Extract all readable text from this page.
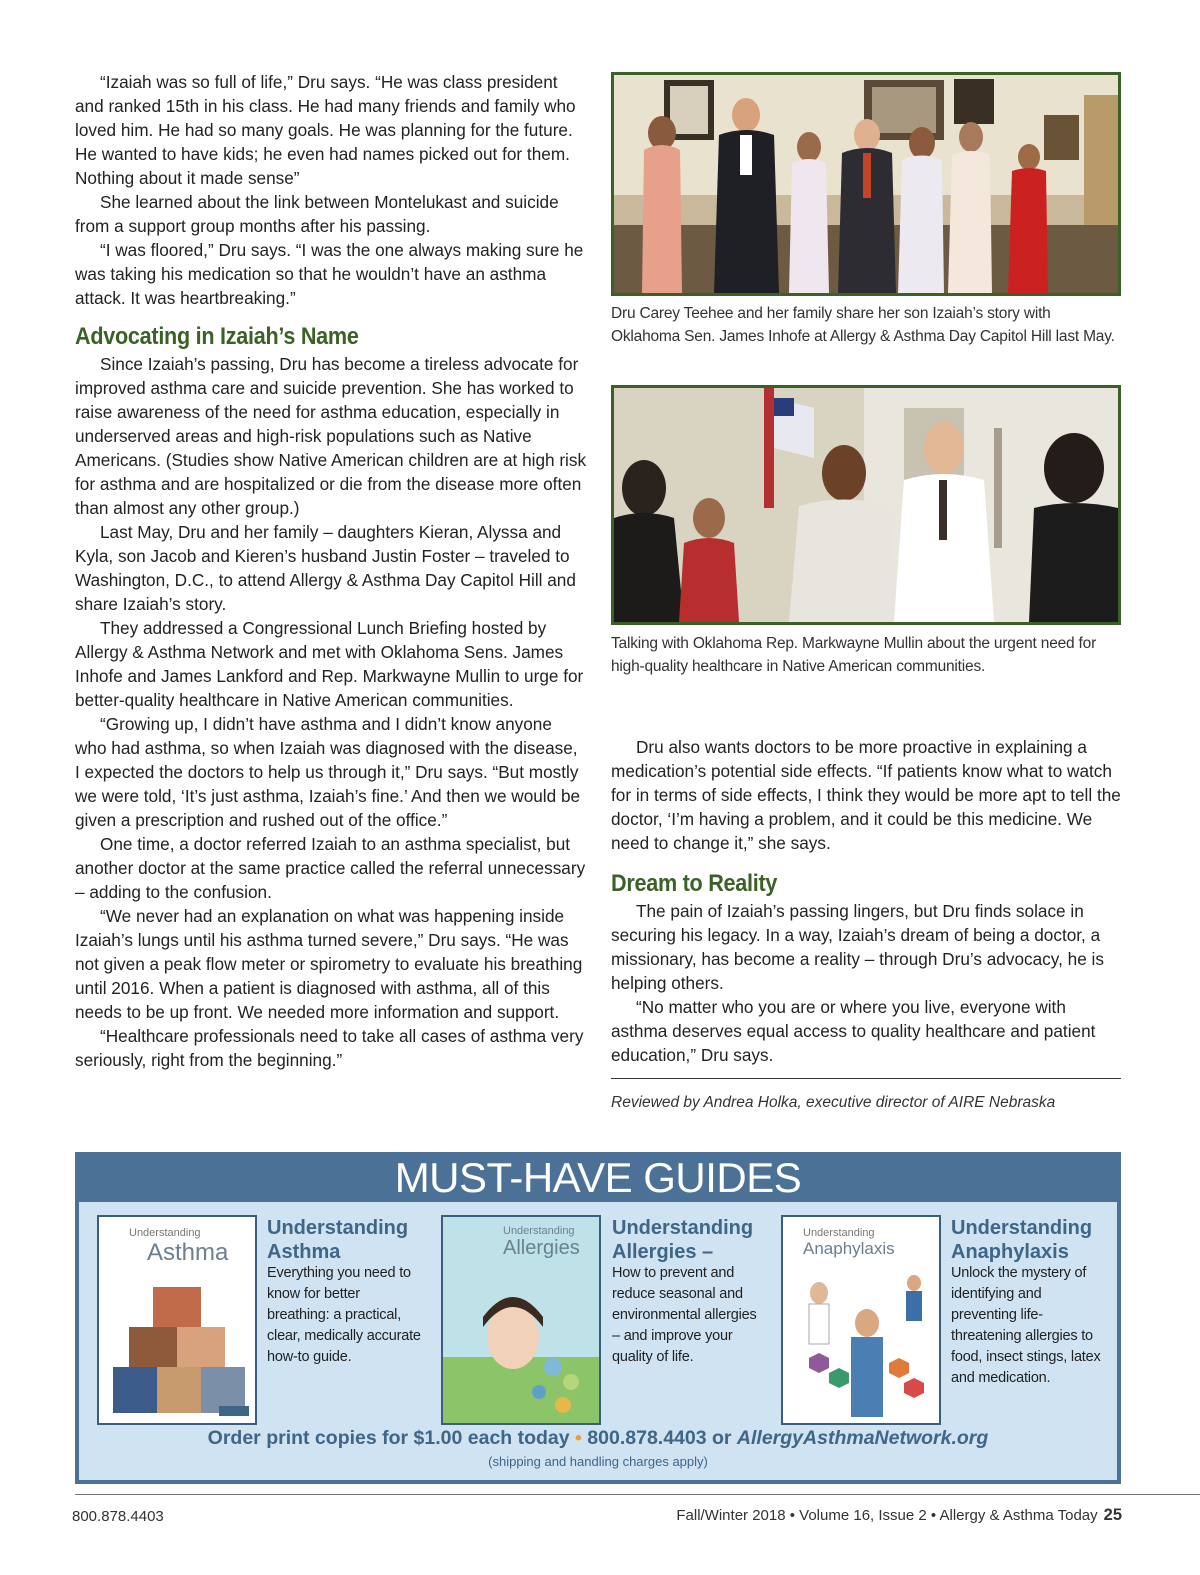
“Izaiah was so full of life,” Dru says. “He was class president and ranked 15th in his class. He had many friends and family who loved him. He had so many goals. He was planning for the future. He wanted to have kids; he even had names picked out for them. Nothing about it made sense”

She learned about the link between Montelukast and suicide from a support group months after his passing.

“I was floored,” Dru says. “I was the one always making sure he was taking his medication so that he wouldn’t have an asthma attack. It was heartbreaking.”

Advocating in Izaiah’s Name

Since Izaiah’s passing, Dru has become a tireless advocate for improved asthma care and suicide prevention. She has worked to raise awareness of the need for asthma education, especially in underserved areas and high-risk populations such as Native Americans. (Studies show Native American children are at high risk for asthma and are hospitalized or die from the disease more often than almost any other group.)

Last May, Dru and her family – daughters Kieran, Alyssa and Kyla, son Jacob and Kieren’s husband Justin Foster – traveled to Washington, D.C., to attend Allergy & Asthma Day Capitol Hill and share Izaiah’s story.

They addressed a Congressional Lunch Briefing hosted by Allergy & Asthma Network and met with Oklahoma Sens. James Inhofe and James Lankford and Rep. Markwayne Mullin to urge for better-quality healthcare in Native American communities.

“Growing up, I didn’t have asthma and I didn’t know anyone who had asthma, so when Izaiah was diagnosed with the disease, I expected the doctors to help us through it,” Dru says. “But mostly we were told, ‘It’s just asthma, Izaiah’s fine.’ And then we would be given a prescription and rushed out of the office.”

One time, a doctor referred Izaiah to an asthma specialist, but another doctor at the same practice called the referral unnecessary – adding to the confusion.

“We never had an explanation on what was happening inside Izaiah’s lungs until his asthma turned severe,” Dru says. “He was not given a peak flow meter or spirometry to evaluate his breathing until 2016. When a patient is diagnosed with asthma, all of this needs to be up front. We needed more information and support.

“Healthcare professionals need to take all cases of asthma very seriously, right from the beginning.”

Dru Carey Teehee and her family share her son Izaiah’s story with Oklahoma Sen. James Inhofe at Allergy & Asthma Day Capitol Hill last May.
Talking with Oklahoma Rep. Markwayne Mullin about the urgent need for high-quality healthcare in Native American communities.

Dru also wants doctors to be more proactive in explaining a medication’s potential side effects. “If patients know what to watch for in terms of side effects, I think they would be more apt to tell the doctor, ‘I’m having a problem, and it could be this medicine. We need to change it,” she says.

Dream to Reality

The pain of Izaiah’s passing lingers, but Dru finds solace in securing his legacy. In a way, Izaiah’s dream of being a doctor, a missionary, has become a reality – through Dru’s advocacy, he is helping others.

“No matter who you are or where you live, everyone with asthma deserves equal access to quality healthcare and patient education,” Dru says.

Reviewed by Andrea Holka, executive director of AIRE Nebraska
MUST-HAVE GUIDES
Understanding
Asthma
Understanding Asthma
Everything you need to know for better breathing: a practical, clear, medically accurate how-to guide.
Understanding
Allergies
Understanding Allergies –
How to prevent and reduce seasonal and environmental allergies – and improve your quality of life.
Understanding
Anaphylaxis
Understanding Anaphylaxis
Unlock the mystery of identifying and preventing life-threatening allergies to food, insect stings, latex and medication.
Order print copies for $1.00 each today • 800.878.4403 or AllergyAsthmaNetwork.org
(shipping and handling charges apply)
800.878.4403	Fall/Winter 2018 • Volume 16, Issue 2 • Allergy & Asthma Today 25
